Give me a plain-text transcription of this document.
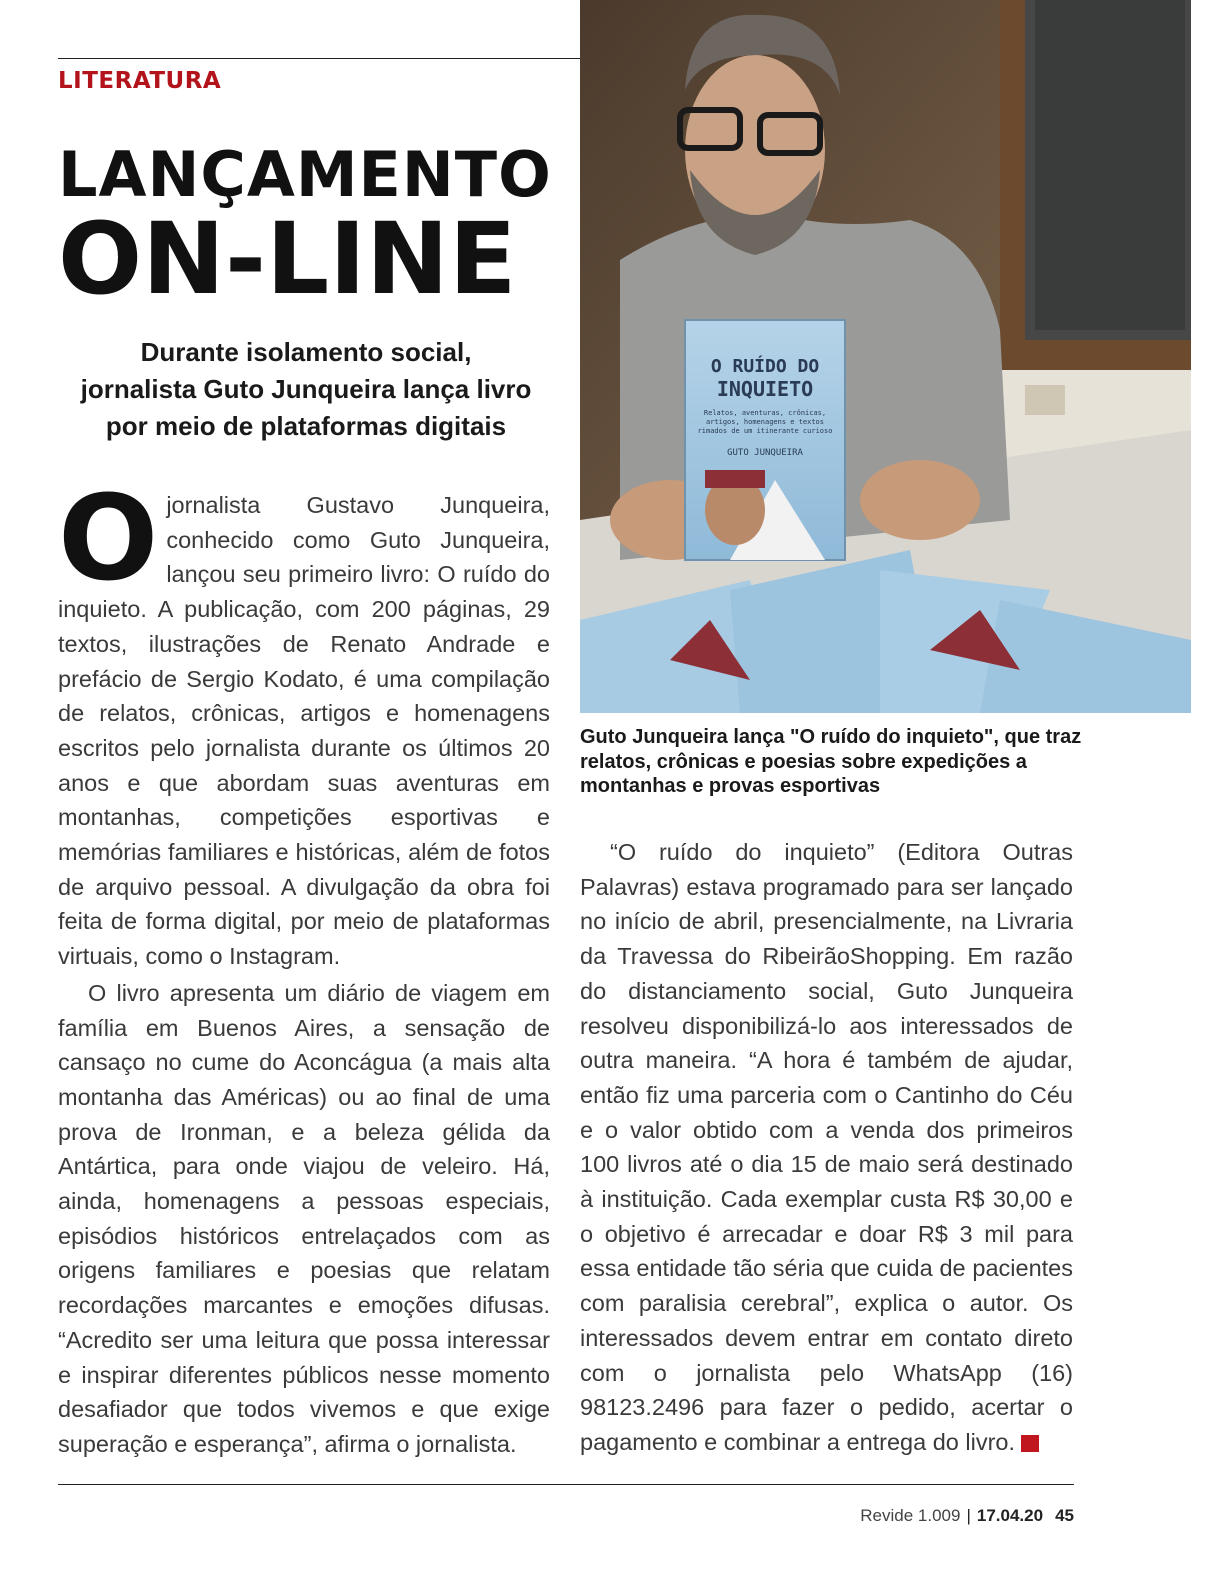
LITERATURA
LANÇAMENTO
ON-LINE
Durante isolamento social,
jornalista Guto Junqueira lança livro
por meio de plataformas digitais

O jornalista Gustavo Junqueira, conhecido como Guto Junqueira, lançou seu primeiro livro: O ruído do inquieto. A publicação, com 200 páginas, 29 textos, ilustrações de Renato Andrade e prefácio de Sergio Kodato, é uma compilação de relatos, crônicas, artigos e homenagens escritos pelo jornalista durante os últimos 20 anos e que abordam suas aventuras em montanhas, competições esportivas e memórias familiares e históricas, além de fotos de arquivo pessoal. A divulgação da obra foi feita de forma digital, por meio de plataformas virtuais, como o Instagram.

O livro apresenta um diário de viagem em família em Buenos Aires, a sensação de cansaço no cume do Aconcágua (a mais alta montanha das Américas) ou ao final de uma prova de Ironman, e a beleza gélida da Antártica, para onde viajou de veleiro. Há, ainda, homenagens a pessoas especiais, episódios históricos entrelaçados com as origens familiares e poesias que relatam recordações marcantes e emoções difusas. “Acredito ser uma leitura que possa interessar e inspirar diferentes públicos nesse momento desafiador que todos vivemos e que exige superação e esperança”, afirma o jornalista.

O RUÍDO DO
INQUIETO
Relatos, aventuras, crônicas,
artigos, homenagens e textos
rimados de um itinerante curioso
GUTO JUNQUEIRA
Guto Junqueira lança "O ruído do inquieto", que traz relatos, crônicas e poesias sobre expedições a montanhas e provas esportivas

“O ruído do inquieto” (Editora Outras Palavras) estava programado para ser lançado no início de abril, presencialmente, na Livraria da Travessa do RibeirãoShopping. Em razão do distanciamento social, Guto Junqueira resolveu disponibilizá-lo aos interessados de outra maneira. “A hora é também de ajudar, então fiz uma parceria com o Cantinho do Céu e o valor obtido com a venda dos primeiros 100 livros até o dia 15 de maio será destinado à instituição. Cada exemplar custa R$ 30,00 e o objetivo é arrecadar e doar R$ 3 mil para essa entidade tão séria que cuida de pacientes com paralisia cerebral”, explica o autor. Os interessados devem entrar em contato direto com o jornalista pelo WhatsApp (16) 98123.2496 para fazer o pedido, acertar o pagamento e combinar a entrega do livro.	R

Revide 1.009 | 17.04.20 45
